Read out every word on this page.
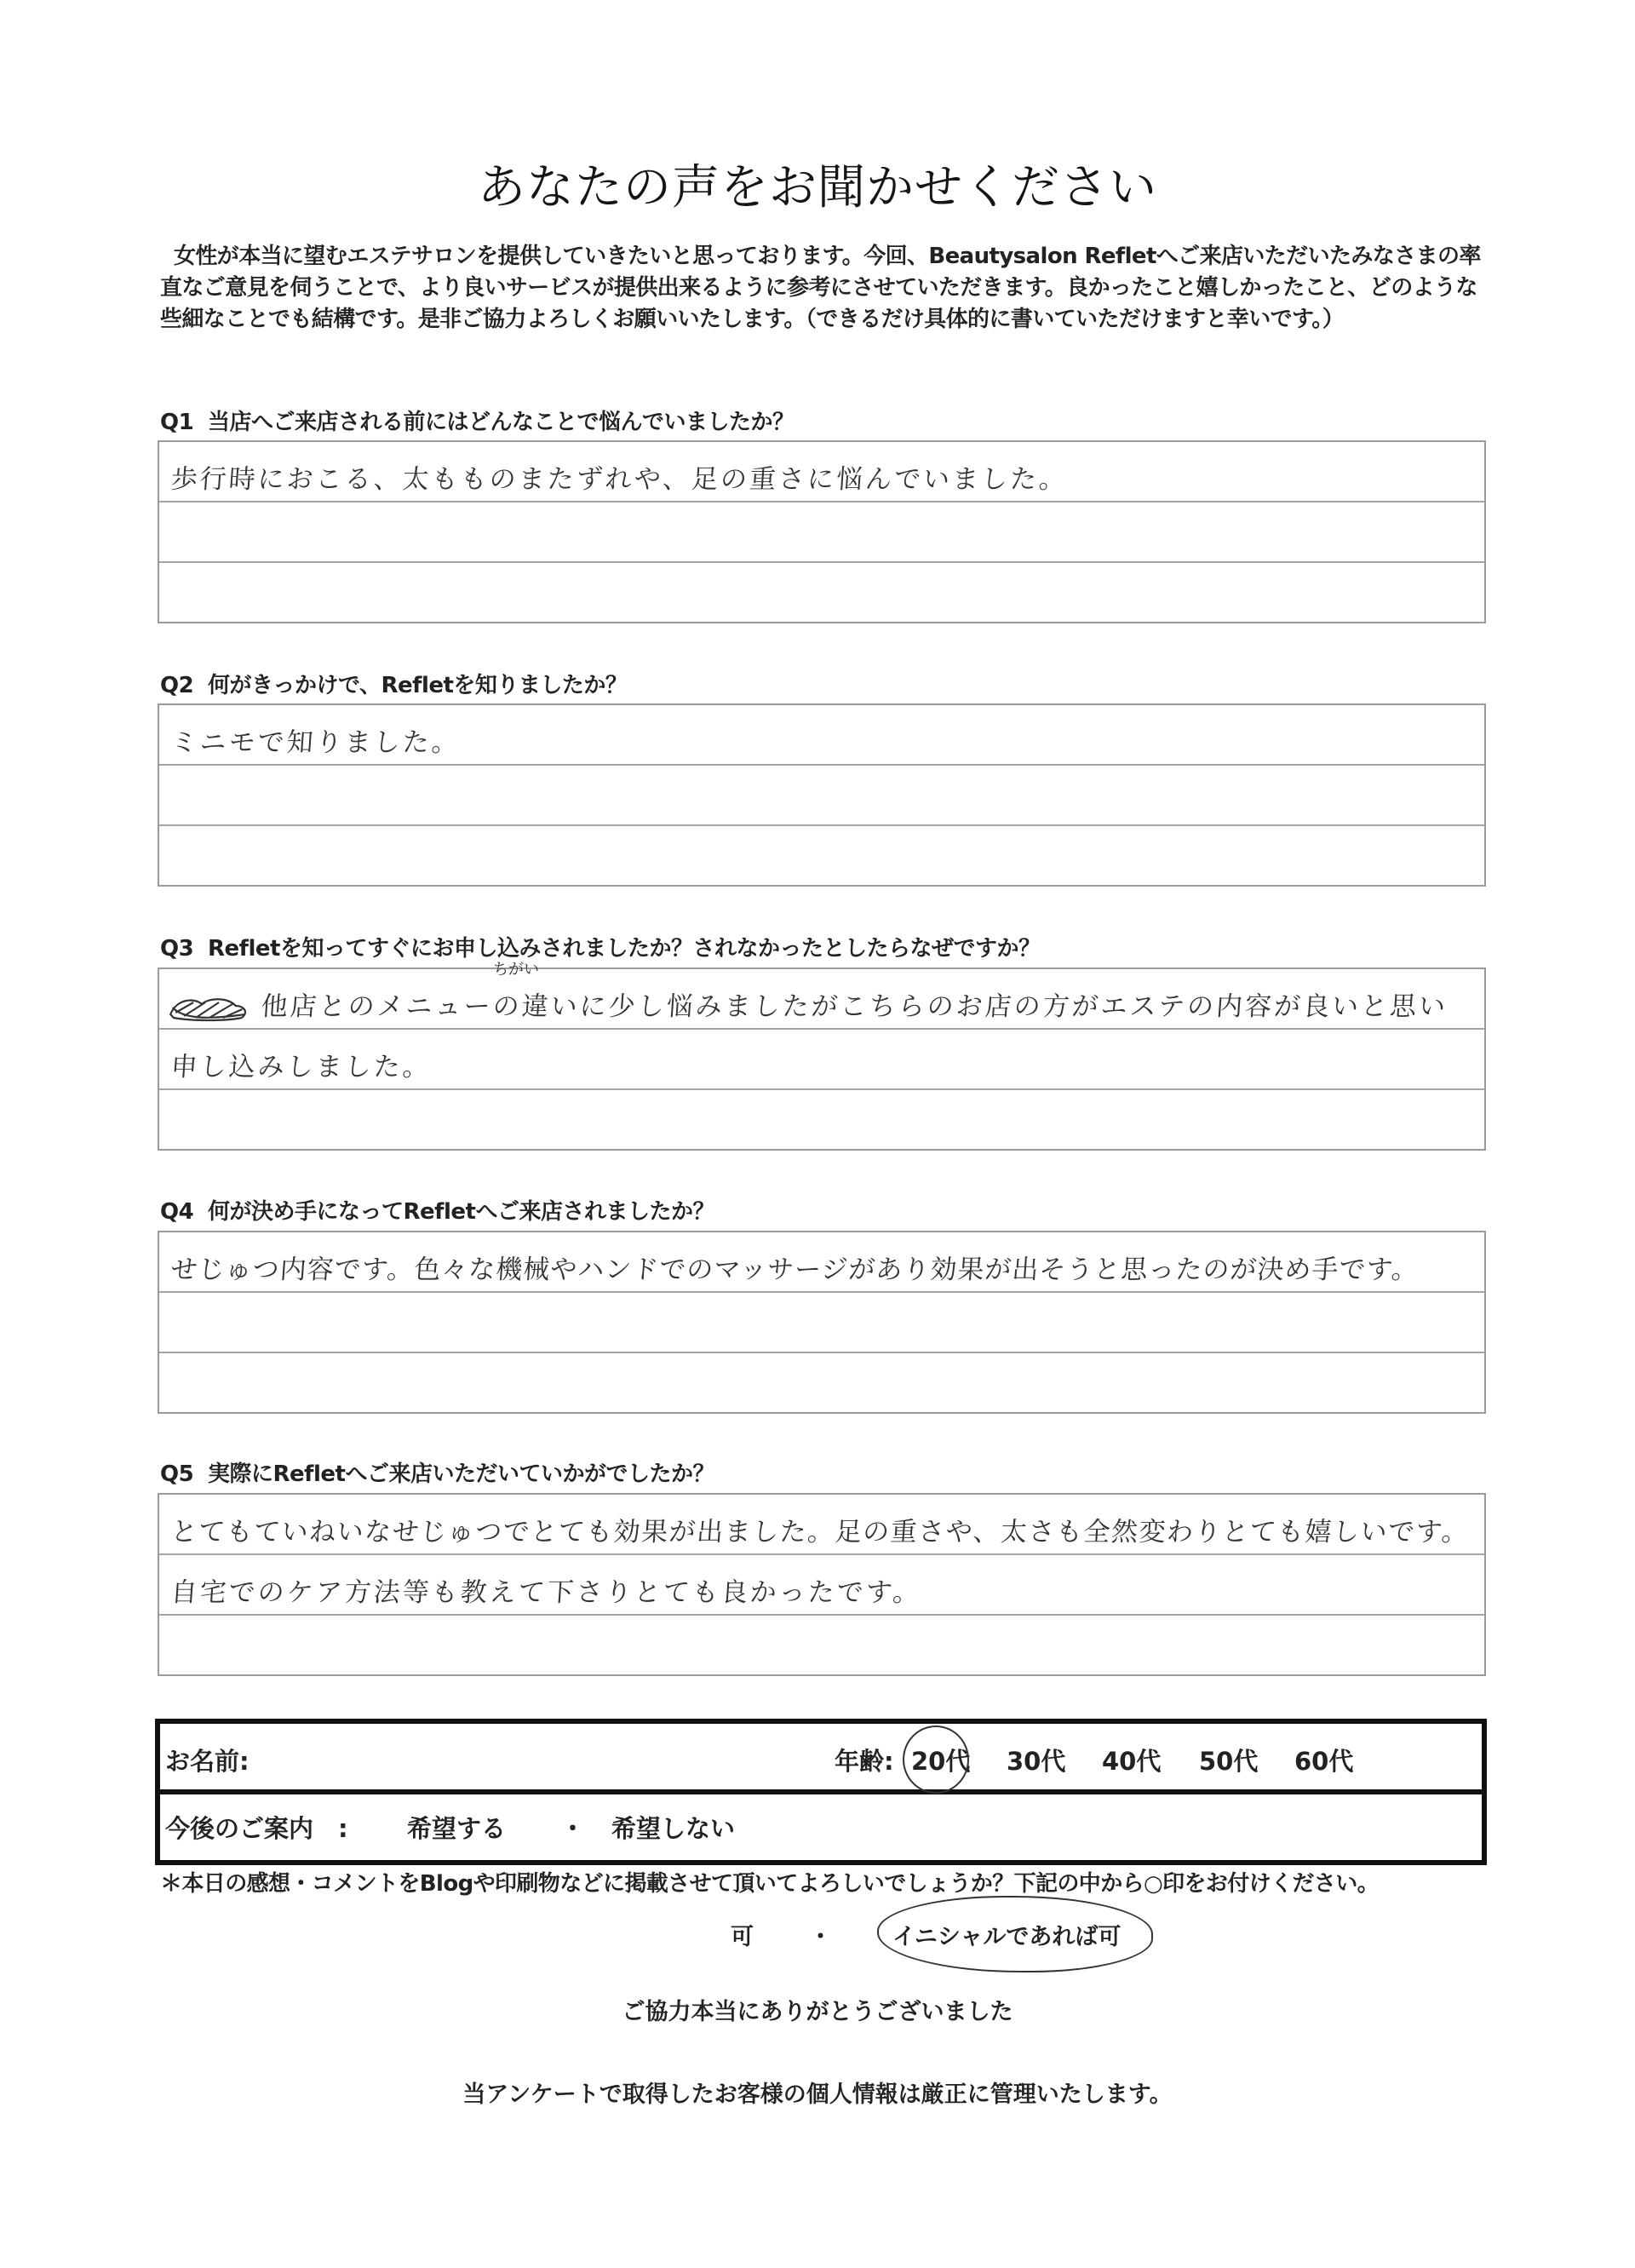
あなたの声をお聞かせください
女性が本当に望むエステサロンを提供していきたいと思っております。今回、Beautysalon Refletへご来店いただいたみなさまの率直なご意見を伺うことで、より良いサービスが提供出来るように参考にさせていただきます。良かったこと嬉しかったこと、どのような些細なことでも結構です。是非ご協力よろしくお願いいたします。（できるだけ具体的に書いていただけますと幸いです。）
Q1 当店へご来店される前にはどんなことで悩んでいましたか？
歩行時におこる、太もものまたずれや、足の重さに悩んでいました。
Q2 何がきっかけで、Refletを知りましたか？
ミニモで知りました。
Q3 Refletを知ってすぐにお申し込みされましたか？されなかったとしたらなぜですか？
他店とのメニューの違いに少し悩みましたがこちらのお店の方がエステの内容が良いと思い
ちがい
申し込みしました。
Q4 何が決め手になってRefletへご来店されましたか？
せじゅつ内容です。色々な機械やハンドでのマッサージがあり効果が出そうと思ったのが決め手です。
Q5 実際にRefletへご来店いただいていかがでしたか？
とてもていねいなせじゅつでとても効果が出ました。足の重さや、太さも全然変わりとても嬉しいです。
自宅でのケア方法等も教えて下さりとても良かったです。
お名前:	年齢: 20代 30代 40代 50代 60代
今後のご案内　: 希望する ・ 希望しない
＊本日の感想・コメントをBlogや印刷物などに掲載させて頂いてよろしいでしょうか？下記の中から○印をお付けください。
可 ・	イニシャルであれば可
ご協力本当にありがとうございました
当アンケートで取得したお客様の個人情報は厳正に管理いたします。
